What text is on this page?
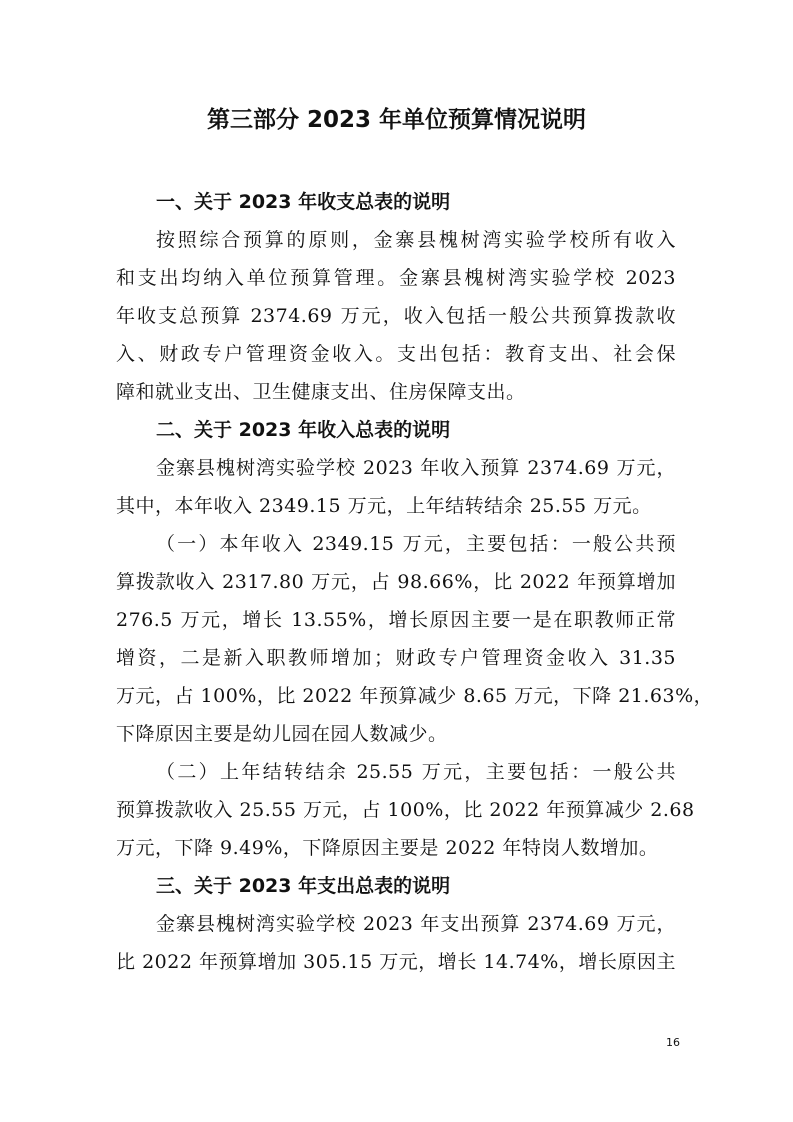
第三部分 2023 年单位预算情况说明
一、关于 2023 年收支总表的说明

按照综合预算的原则，金寨县槐树湾实验学校所有收入
和支出均纳入单位预算管理。金寨县槐树湾实验学校 2023
年收支总预算 2374.69 万元，收入包括一般公共预算拨款收
入、财政专户管理资金收入。支出包括：教育支出、社会保
障和就业支出、卫生健康支出、住房保障支出。

二、关于 2023 年收入总表的说明

金寨县槐树湾实验学校 2023 年收入预算 2374.69 万元，
其中，本年收入 2349.15 万元，上年结转结余 25.55 万元。

（一）本年收入 2349.15 万元，主要包括：一般公共预
算拨款收入 2317.80 万元，占 98.66%，比 2022 年预算增加
276.5 万元，增长 13.55%，增长原因主要一是在职教师正常
增资，二是新入职教师增加；财政专户管理资金收入 31.35
万元，占 100%，比 2022 年预算减少 8.65 万元，下降 21.63%，
下降原因主要是幼儿园在园人数减少。

（二）上年结转结余 25.55 万元，主要包括：一般公共
预算拨款收入 25.55 万元，占 100%，比 2022 年预算减少 2.68
万元，下降 9.49%，下降原因主要是 2022 年特岗人数增加。

三、关于 2023 年支出总表的说明

金寨县槐树湾实验学校 2023 年支出预算 2374.69 万元，
比 2022 年预算增加 305.15 万元，增长 14.74%，增长原因主

16
